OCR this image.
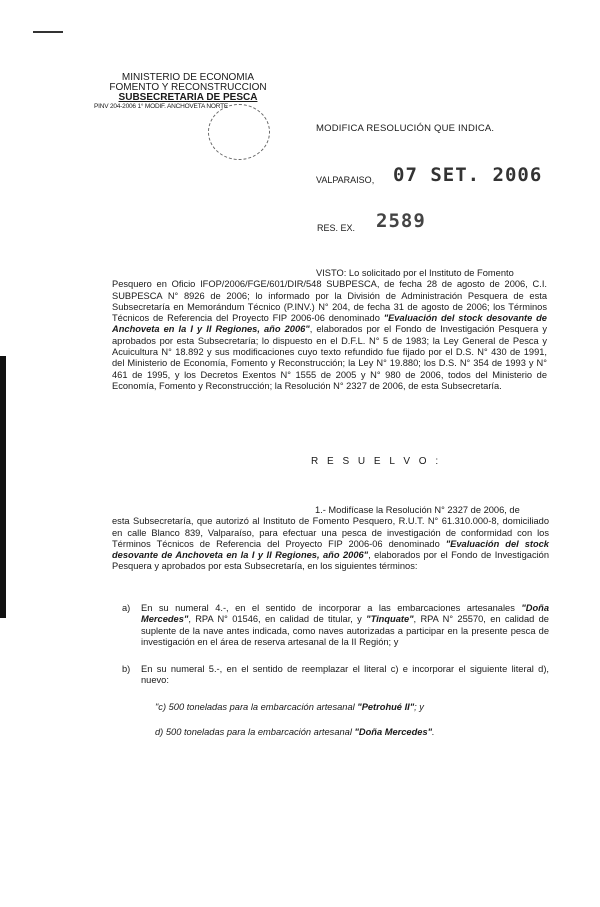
MINISTERIO DE ECONOMIA
FOMENTO Y RECONSTRUCCION
SUBSECRETARIA DE PESCA
PINV 204-2006 1° MODIF. ANCHOVETA NORTE
MODIFICA RESOLUCIÓN QUE INDICA.
VALPARAISO, 07 SET. 2006
RES. EX. 2589
VISTO: Lo solicitado por el Instituto de Fomento
Pesquero en Oficio IFOP/2006/FGE/601/DIR/548 SUBPESCA, de fecha 28 de agosto de 2006, C.I. SUBPESCA N° 8926 de 2006; lo informado por la División de Administración Pesquera de esta Subsecretaría en Memorándum Técnico (P.INV.) N° 204, de fecha 31 de agosto de 2006; los Términos Técnicos de Referencia del Proyecto FIP 2006-06 denominado "Evaluación del stock desovante de Anchoveta en la I y II Regiones, año 2006", elaborados por el Fondo de Investigación Pesquera y aprobados por esta Subsecretaría; lo dispuesto en el D.F.L. N° 5 de 1983; la Ley General de Pesca y Acuicultura N° 18.892 y sus modificaciones cuyo texto refundido fue fijado por el D.S. N° 430 de 1991, del Ministerio de Economía, Fomento y Reconstrucción; la Ley N° 19.880; los D.S. N° 354 de 1993 y N° 461 de 1995, y los Decretos Exentos N° 1555 de 2005 y N° 980 de 2006, todos del Ministerio de Economía, Fomento y Reconstrucción; la Resolución N° 2327 de 2006, de esta Subsecretaría.
R E S U E L V O :
1.- Modifícase la Resolución N° 2327 de 2006, de
esta Subsecretaría, que autorizó al Instituto de Fomento Pesquero, R.U.T. N° 61.310.000-8, domiciliado en calle Blanco 839, Valparaíso, para efectuar una pesca de investigación de conformidad con los Términos Técnicos de Referencia del Proyecto FIP 2006-06 denominado "Evaluación del stock desovante de Anchoveta en la I y II Regiones, año 2006", elaborados por el Fondo de Investigación Pesquera y aprobados por esta Subsecretaría, en los siguientes términos:
a) En su numeral 4.-, en el sentido de incorporar a las embarcaciones artesanales "Doña Mercedes", RPA N° 01546, en calidad de titular, y "Tinquate", RPA N° 25570, en calidad de suplente de la nave antes indicada, como naves autorizadas a participar en la presente pesca de investigación en el área de reserva artesanal de la II Región; y
b) En su numeral 5.-, en el sentido de reemplazar el literal c) e incorporar el siguiente literal d), nuevo:
"c) 500 toneladas para la embarcación artesanal "Petrohué II"; y
d) 500 toneladas para la embarcación artesanal "Doña Mercedes".
